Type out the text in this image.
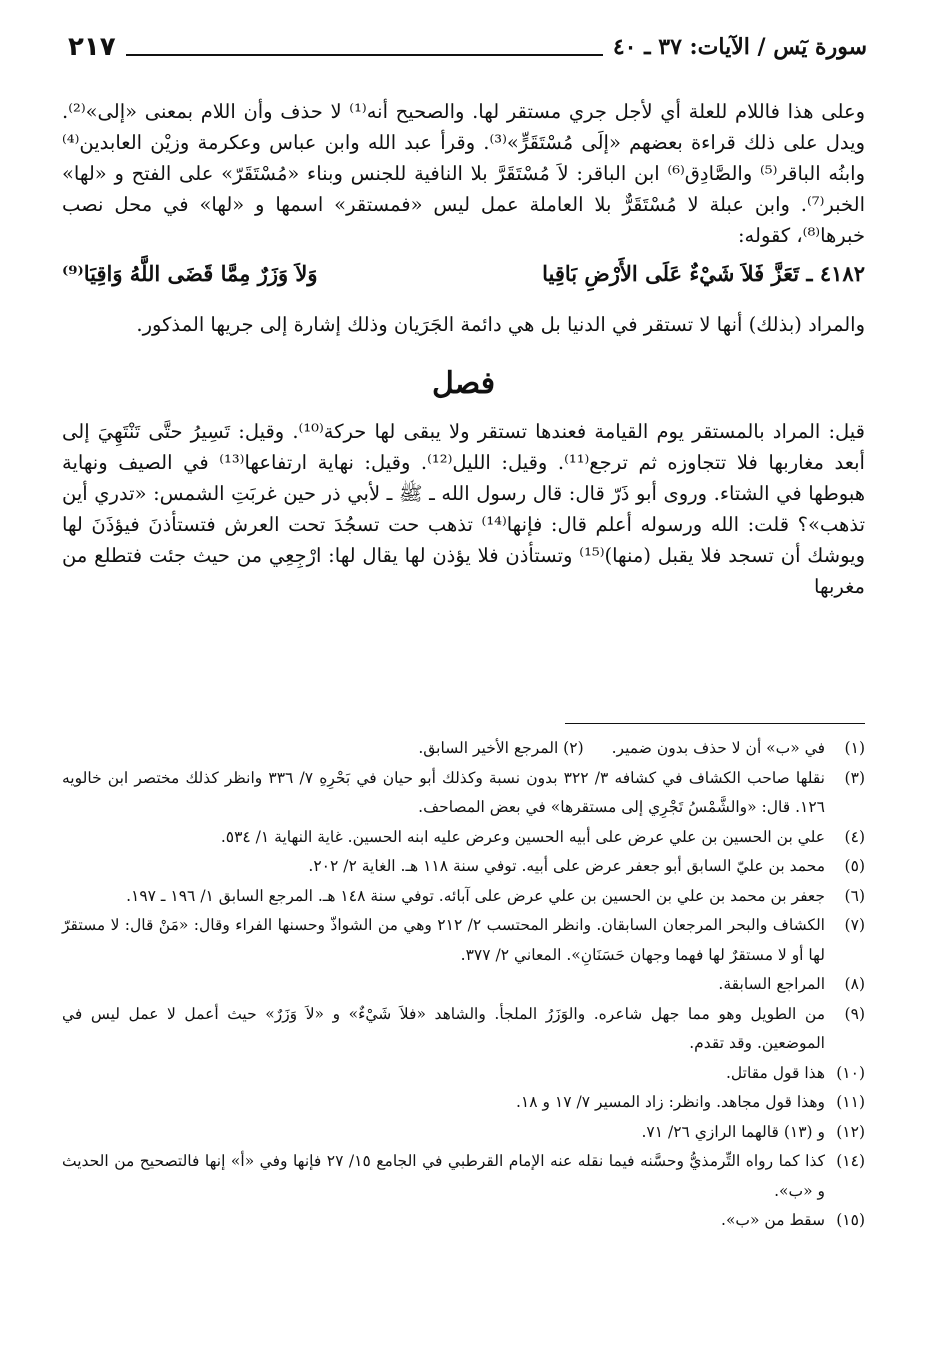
٢١٧	سورة يٓس / الآيات: ٣٧ ـ ٤٠

وعلى هذا فاللام للعلة أي لأجل جري مستقر لها. والصحيح أنه⁽¹⁾ لا حذف وأن اللام بمعنى «إلى»⁽²⁾. ويدل على ذلك قراءة بعضهم «إلَى مُسْتَقَرٍّ»⁽³⁾. وقرأ عبد الله وابن عباس وعكرمة وزيْن العابدين⁽⁴⁾ وابنُه الباقر⁽⁵⁾ والصَّادِق⁽⁶⁾ ابن الباقر: لاَ مُسْتَقَرَّ بلا النافية للجنس وبناء «مُسْتَقَرّ» على الفتح و «لها» الخبر⁽⁷⁾. وابن عبلة لا مُسْتَقَرٌّ بلا العاملة عمل ليس «فمستقر» اسمها و «لها» في محل نصب خبرها⁽⁸⁾، كقوله:

٤١٨٢ ـ تَعَزَّ فَلاَ شَيْءٌ عَلَى الأَرْضِ بَاقِيا
وَلاَ وَزَرٌ مِمَّا قَضَى اللَّهُ وَاقِيَا⁽⁹⁾

والمراد (بذلك) أنها لا تستقر في الدنيا بل هي دائمة الجَرَيان وذلك إشارة إلى جريها المذكور.

فصل

قيل: المراد بالمستقر يوم القيامة فعندها تستقر ولا يبقى لها حركة⁽¹⁰⁾. وقيل: تَسِيرُ حتَّى تَنْتَهِيَ إلى أبعد مغاربها فلا تتجاوزه ثم ترجع⁽¹¹⁾. وقيل: الليل⁽¹²⁾. وقيل: نهاية ارتفاعها⁽¹³⁾ في الصيف ونهاية هبوطها في الشتاء. وروى أبو ذَرّ قال: قال رسول الله ـ ﷺ ـ لأبي ذر حين غربَتِ الشمس: «تدري أين تذهب»؟ قلت: الله ورسوله أعلم قال: فإنها⁽¹⁴⁾ تذهب حت تسجُدَ تحت العرش فتستأذنَ فيؤذَنَ لها ويوشك أن تسجد فلا يقبل (منها)⁽¹⁵⁾ وتستأذن فلا يؤذن لها يقال لها: ارْجِعِي من حيث جئت فتطلع من مغربها

(١)
في «ب» أن لا حذف بدون ضمير.(٢) المرجع الأخير السابق.
(٣)
نقلها صاحب الكشاف في كشافه ٣/ ٣٢٢ بدون نسبة وكذلك أبو حيان في بَحْرِهِ ٧/ ٣٣٦ وانظر كذلك مختصر ابن خالويه ١٢٦. قال: «والشَّمْسُ تَجْرِي إلى مستقرها» في بعض المصاحف.
(٤)
علي بن الحسين بن علي عرض على أبيه الحسين وعرض عليه ابنه الحسين. غاية النهاية ١/ ٥٣٤.
(٥)
محمد بن عليّ السابق أبو جعفر عرض على أبيه. توفي سنة ١١٨ هـ. الغاية ٢/ ٢٠٢.
(٦)
جعفر بن محمد بن علي بن الحسين بن علي عرض على آبائه. توفي سنة ١٤٨ هـ. المرجع السابق ١/ ١٩٦ ـ ١٩٧.
(٧)
الكشاف والبحر المرجعان السابقان. وانظر المحتسب ٢/ ٢١٢ وهي من الشواذّ وحسنها الفراء وقال: «مَنْ قال: لا مستقرّ لها أو لا مستقرٌ لها فهما وجهان حَسَنَانِ». المعاني ٢/ ٣٧٧.
(٨)
المراجع السابقة.
(٩)
من الطويل وهو مما جهل شاعره. والوَزَرُ الملجأ. والشاهد «فلاَ شَيْءٌ» و «لاَ وَزَرٌ» حيث أعمل لا عمل ليس في الموضعين. وقد تقدم.
(١٠)
هذا قول مقاتل.
(١١)
وهذا قول مجاهد. وانظر: زاد المسير ٧/ ١٧ و ١٨.
(١٢)
و (١٣) قالهما الرازي ٢٦/ ٧١.
(١٤)
كذا كما رواه التِّرمذيُّ وحسَّنه فيما نقله عنه الإمام القرطبي في الجامع ١٥/ ٢٧ فإنها وفي «أ» إنها فالتصحيح من الحديث و «ب».
(١٥)
سقط من «ب».
